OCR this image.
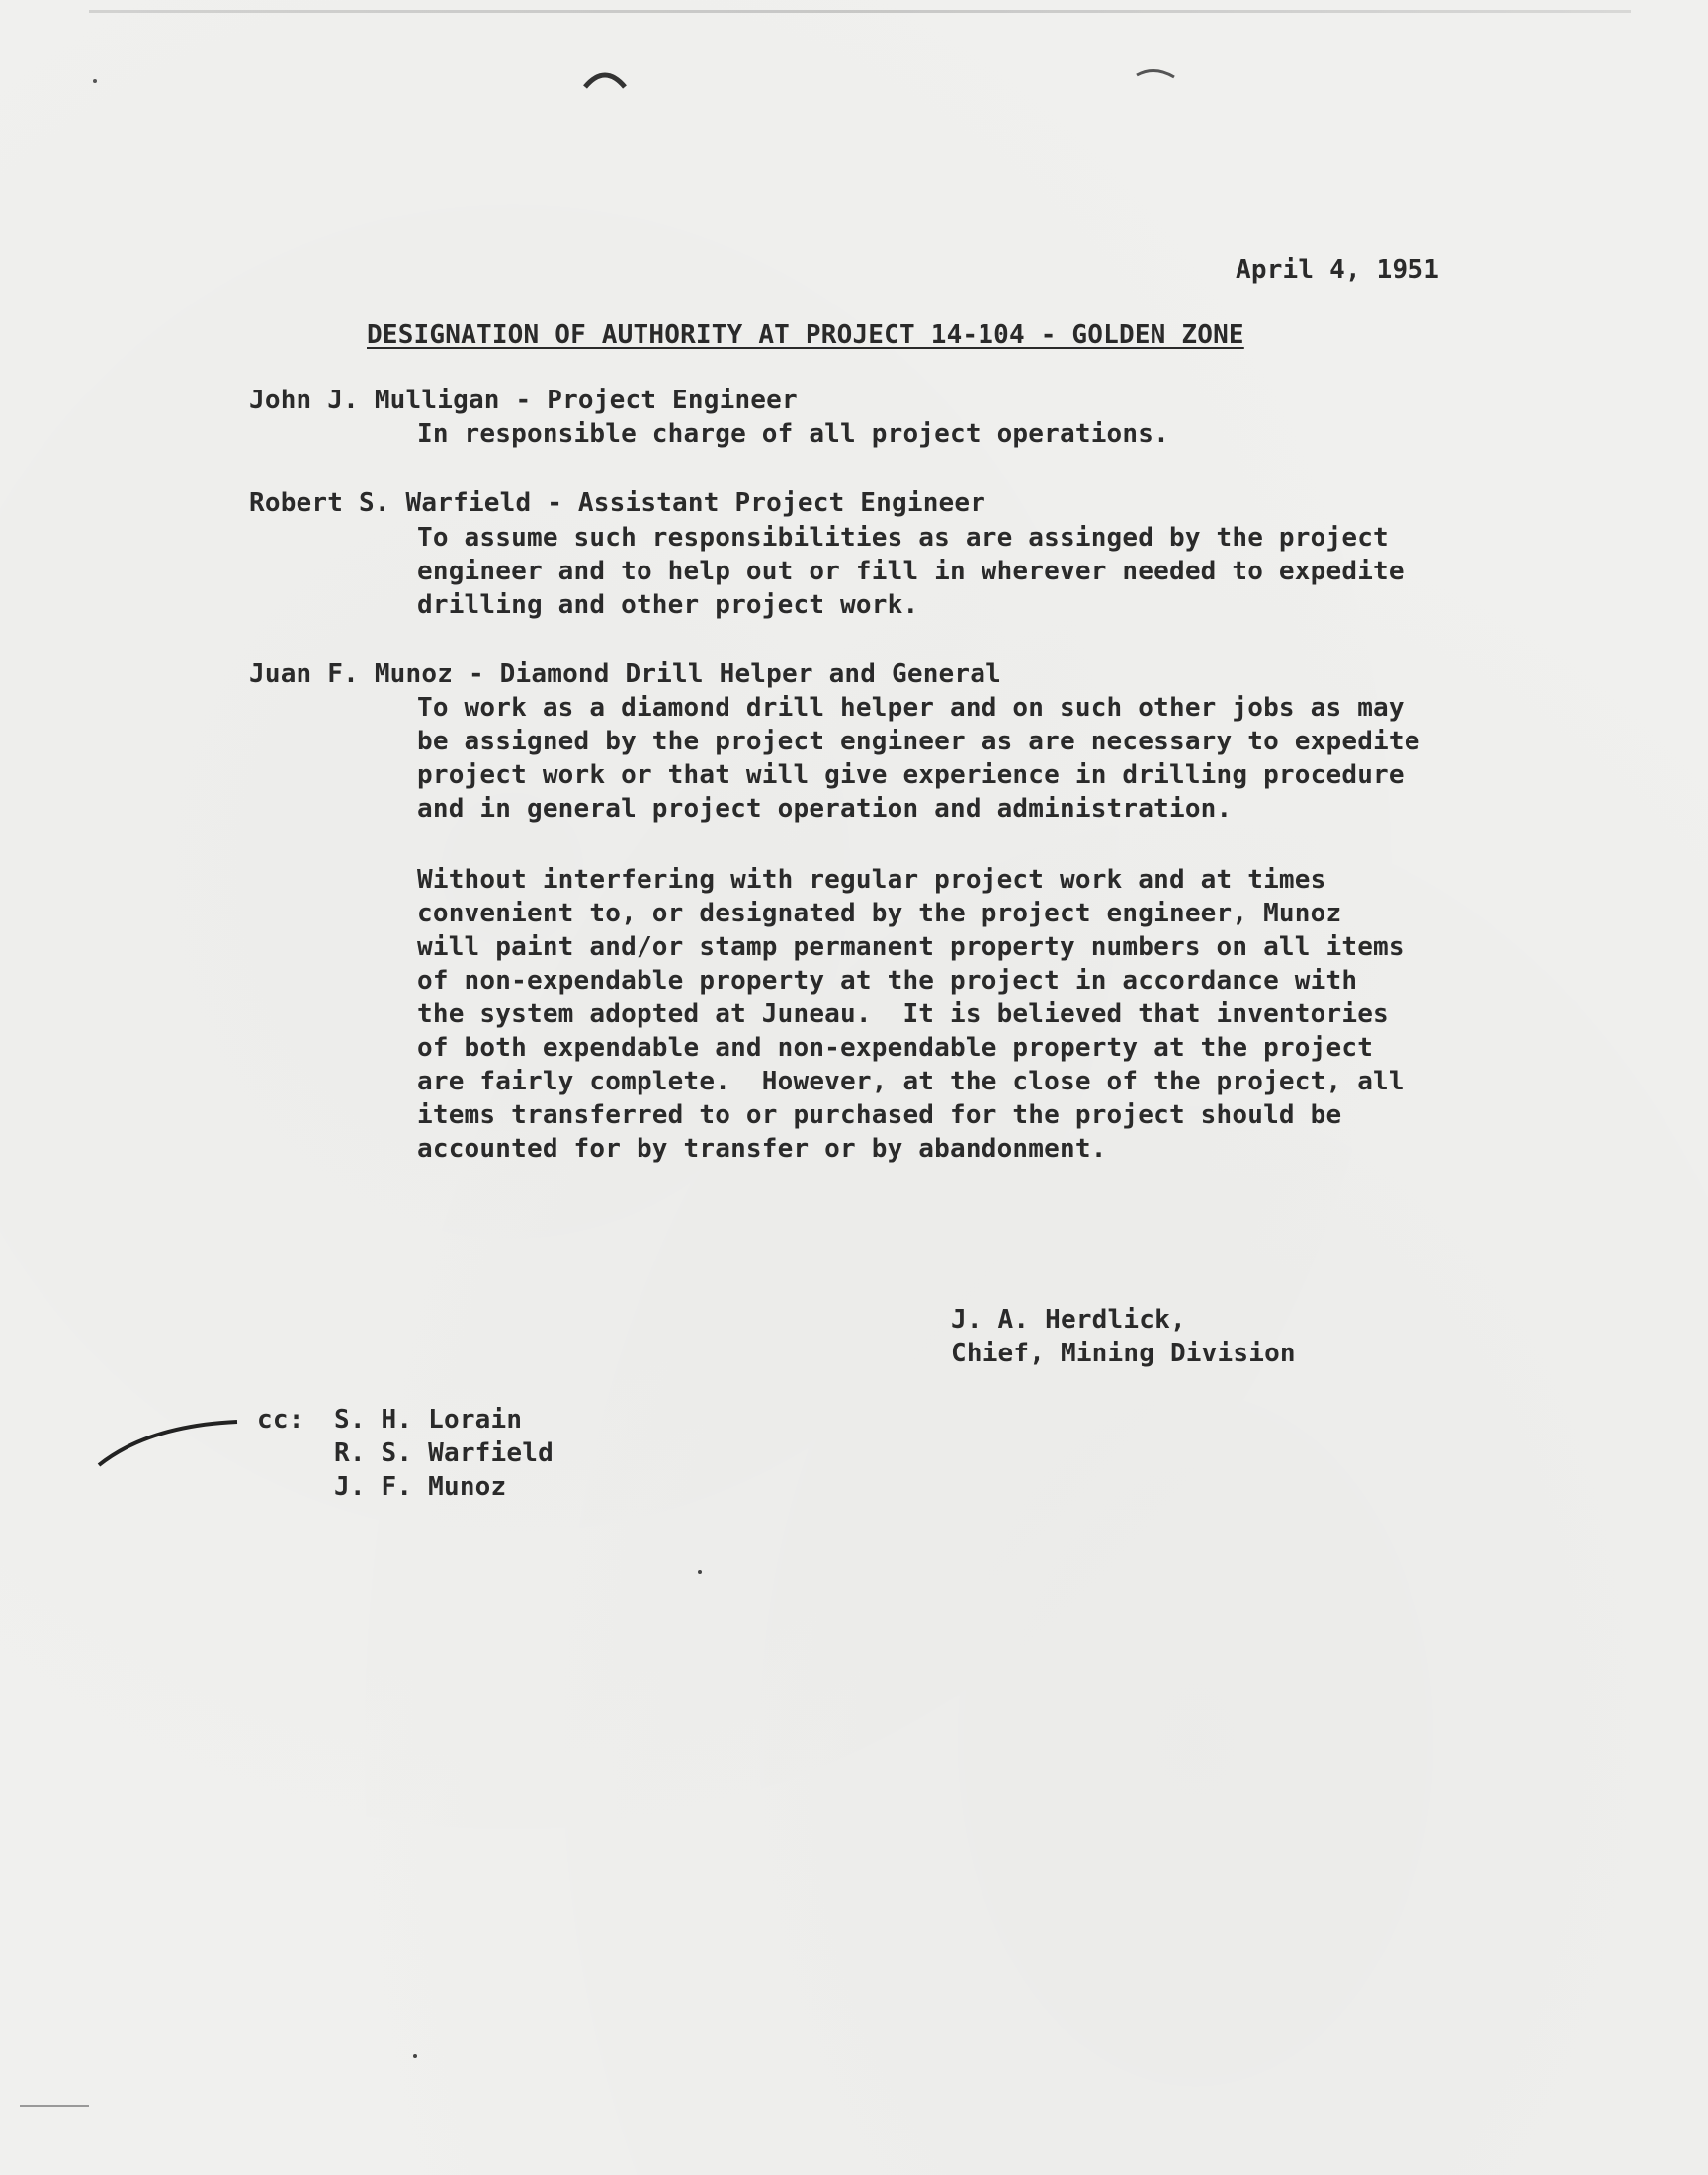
April 4, 1951
DESIGNATION OF AUTHORITY AT PROJECT 14-104 - GOLDEN ZONE
John J. Mulligan - Project Engineer
In responsible charge of all project operations.
Robert S. Warfield - Assistant Project Engineer
To assume such responsibilities as are assinged by the project
engineer and to help out or fill in wherever needed to expedite
drilling and other project work.
Juan F. Munoz - Diamond Drill Helper and General
To work as a diamond drill helper and on such other jobs as may
be assigned by the project engineer as are necessary to expedite
project work or that will give experience in drilling procedure
and in general project operation and administration.
Without interfering with regular project work and at times
convenient to, or designated by the project engineer, Munoz
will paint and/or stamp permanent property numbers on all items
of non-expendable property at the project in accordance with
the system adopted at Juneau.  It is believed that inventories
of both expendable and non-expendable property at the project
are fairly complete.  However, at the close of the project, all
items transferred to or purchased for the project should be
accounted for by transfer or by abandonment.
J. A. Herdlick,
Chief, Mining Division
cc: S. H. Lorain
R. S. Warfield
J. F. Munoz
